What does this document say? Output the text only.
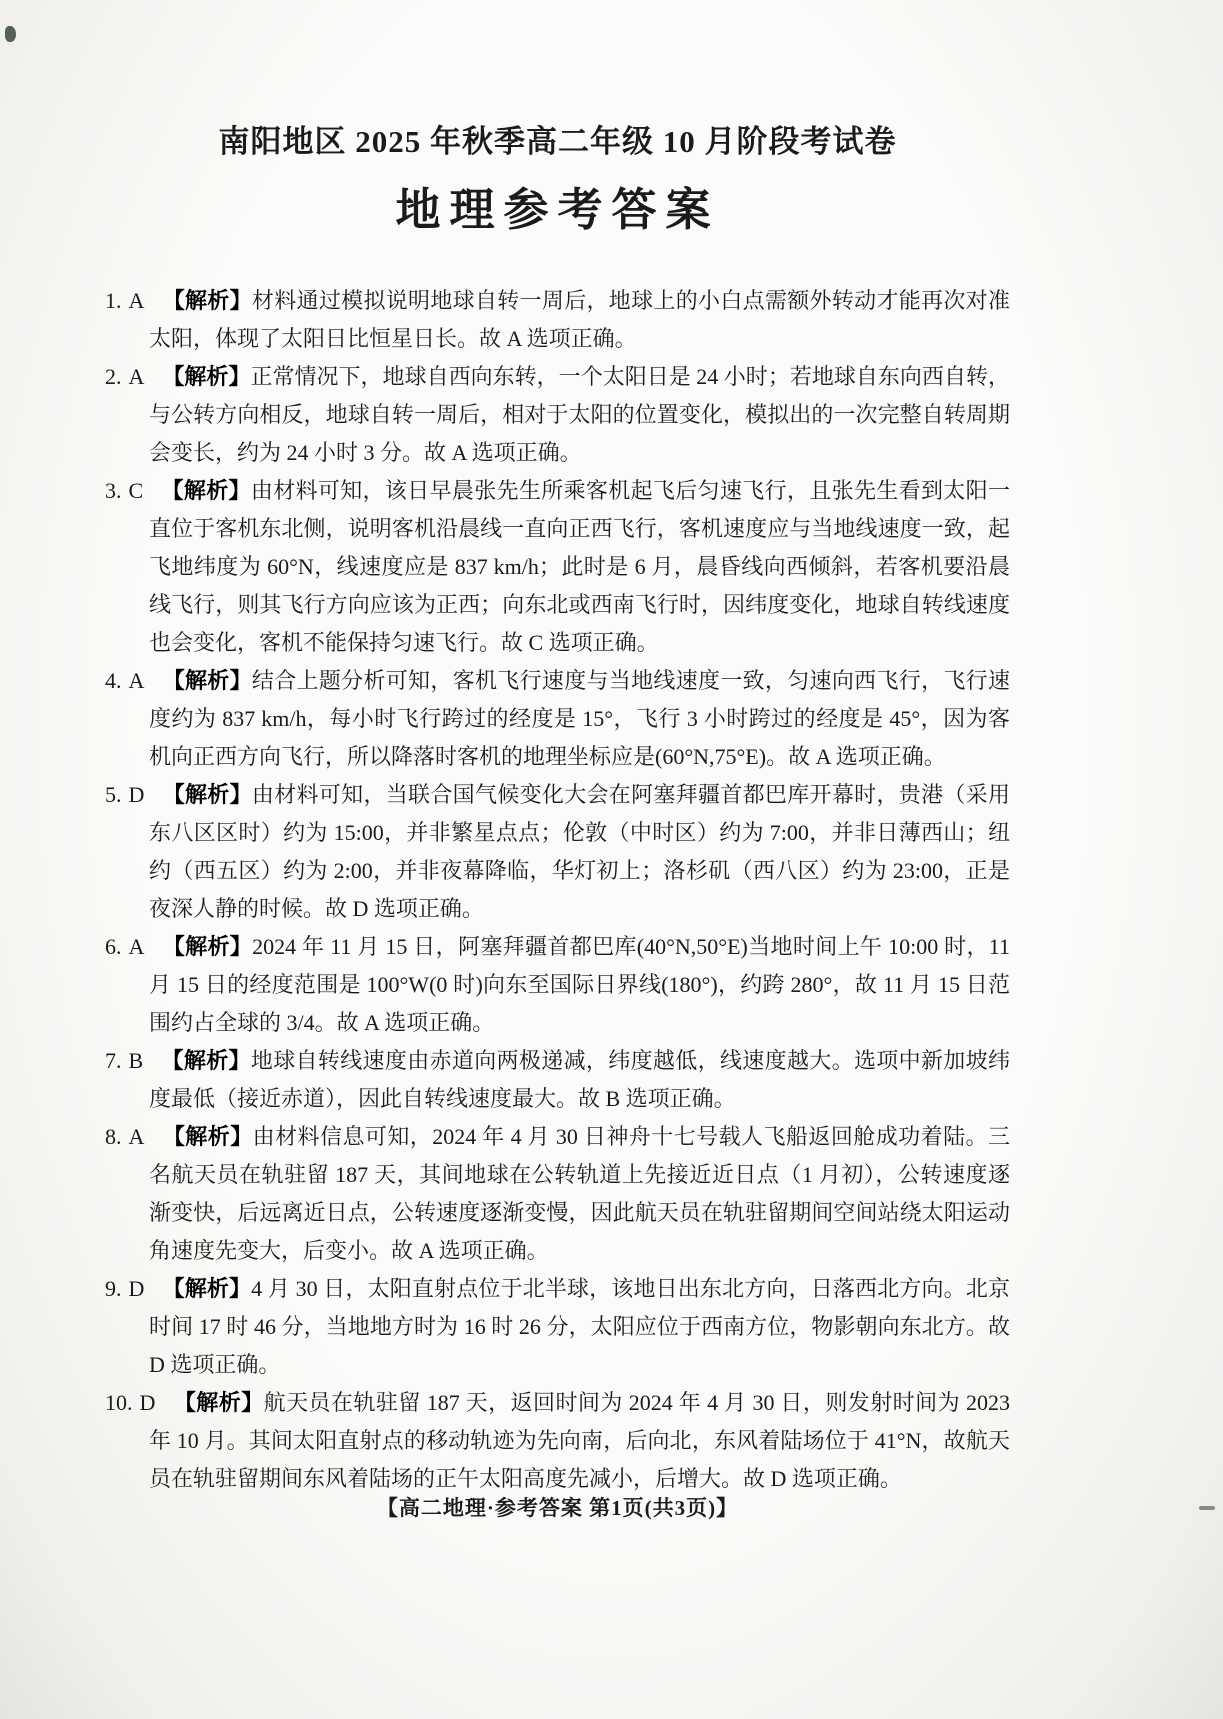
南阳地区 2025 年秋季高二年级 10 月阶段考试卷
地理参考答案
1. A 【解析】材料通过模拟说明地球自转一周后，地球上的小白点需额外转动才能再次对准太阳，体现了太阳日比恒星日长。故 A 选项正确。
2. A 【解析】正常情况下，地球自西向东转，一个太阳日是 24 小时；若地球自东向西自转，与公转方向相反，地球自转一周后，相对于太阳的位置变化，模拟出的一次完整自转周期会变长，约为 24 小时 3 分。故 A 选项正确。
3. C 【解析】由材料可知，该日早晨张先生所乘客机起飞后匀速飞行，且张先生看到太阳一直位于客机东北侧，说明客机沿晨线一直向正西飞行，客机速度应与当地线速度一致，起飞地纬度为 60°N，线速度应是 837 km/h；此时是 6 月，晨昏线向西倾斜，若客机要沿晨线飞行，则其飞行方向应该为正西；向东北或西南飞行时，因纬度变化，地球自转线速度也会变化，客机不能保持匀速飞行。故 C 选项正确。
4. A 【解析】结合上题分析可知，客机飞行速度与当地线速度一致，匀速向西飞行，飞行速度约为 837 km/h，每小时飞行跨过的经度是 15°，飞行 3 小时跨过的经度是 45°，因为客机向正西方向飞行，所以降落时客机的地理坐标应是(60°N,75°E)。故 A 选项正确。
5. D 【解析】由材料可知，当联合国气候变化大会在阿塞拜疆首都巴库开幕时，贵港（采用东八区区时）约为 15:00，并非繁星点点；伦敦（中时区）约为 7:00，并非日薄西山；纽约（西五区）约为 2:00，并非夜幕降临，华灯初上；洛杉矶（西八区）约为 23:00，正是夜深人静的时候。故 D 选项正确。
6. A 【解析】2024 年 11 月 15 日，阿塞拜疆首都巴库(40°N,50°E)当地时间上午 10:00 时，11 月 15 日的经度范围是 100°W(0 时)向东至国际日界线(180°)，约跨 280°，故 11 月 15 日范围约占全球的 3/4。故 A 选项正确。
7. B 【解析】地球自转线速度由赤道向两极递减，纬度越低，线速度越大。选项中新加坡纬度最低（接近赤道），因此自转线速度最大。故 B 选项正确。
8. A 【解析】由材料信息可知，2024 年 4 月 30 日神舟十七号载人飞船返回舱成功着陆。三名航天员在轨驻留 187 天，其间地球在公转轨道上先接近近日点（1 月初），公转速度逐渐变快，后远离近日点，公转速度逐渐变慢，因此航天员在轨驻留期间空间站绕太阳运动角速度先变大，后变小。故 A 选项正确。
9. D 【解析】4 月 30 日，太阳直射点位于北半球，该地日出东北方向，日落西北方向。北京时间 17 时 46 分，当地地方时为 16 时 26 分，太阳应位于西南方位，物影朝向东北方。故 D 选项正确。
10. D 【解析】航天员在轨驻留 187 天，返回时间为 2024 年 4 月 30 日，则发射时间为 2023 年 10 月。其间太阳直射点的移动轨迹为先向南，后向北，东风着陆场位于 41°N，故航天员在轨驻留期间东风着陆场的正午太阳高度先减小，后增大。故 D 选项正确。
【高二地理·参考答案 第1页(共3页)】
